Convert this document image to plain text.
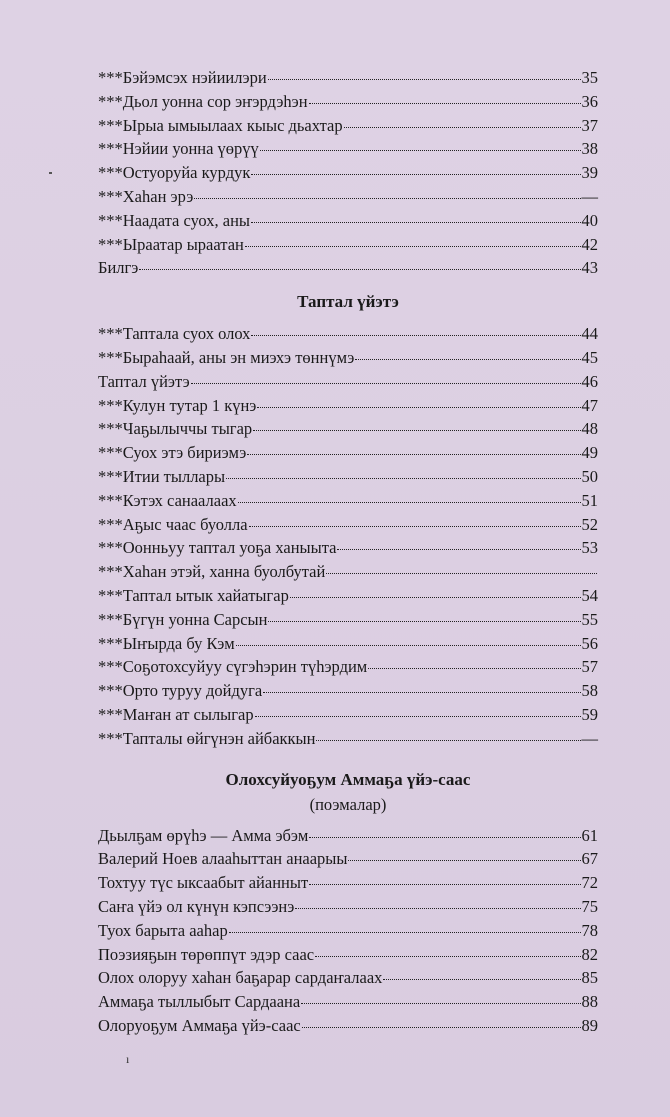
***Бэйэмсэх нэйиилэри	35
***Дьол уонна сор эҥэрдэһэн	36
***Ырыа ымыылаах кыыс дьахтар	37
***Нэйии уонна үөрүү	38
***Остуоруйа курдук	39
***Хаһан эрэ	—
***Наадата суох, аны	40
***Ыраатар ыраатан	42
Билгэ	43
Таптал үйэтэ
***Таптала суох олох	44
***Быраһаай, аны эн миэхэ төннүмэ	45
Таптал үйэтэ	46
***Кулун тутар 1 күнэ	47
***Чаҕылыччы тыгар	48
***Суох этэ бириэмэ	49
***Итии тыллары	50
***Кэтэх санаалаах	51
***Аҕыс чаас буолла	52
***Оонньуу таптал уоҕа ханыыта	53
***Хаһан этэй, ханна буолбутай
***Таптал ытык хайатыгар	54
***Бүгүн уонна Сарсын	55
***Ыҥырда бу Кэм	56
***Соҕотохсуйуу сүгэһэрин түһэрдим	57
***Орто туруу дойдуга	58
***Маҥан ат сылыгар	59
***Тапталы өйгүнэн айбаккын	—
Олохсуйуоҕум Аммаҕа үйэ-саас
(поэмалар)
Дьылҕам өрүһэ — Амма эбэм	61
Валерий Ноев алааһыттан анаарыы	67
Тохтуу түс ыксаабыт айанныт	72
Саҥа үйэ ол күнүн кэпсээнэ	75
Туох барыта ааһар	78
Поэзияҕын төрөппүт эдэр саас	82
Олох олоруу хаһан баҕарар сардаҥалаах	85
Аммаҕа тыллыбыт Сардаана	88
Олоруоҕум Аммаҕа үйэ-саас	89
ı
